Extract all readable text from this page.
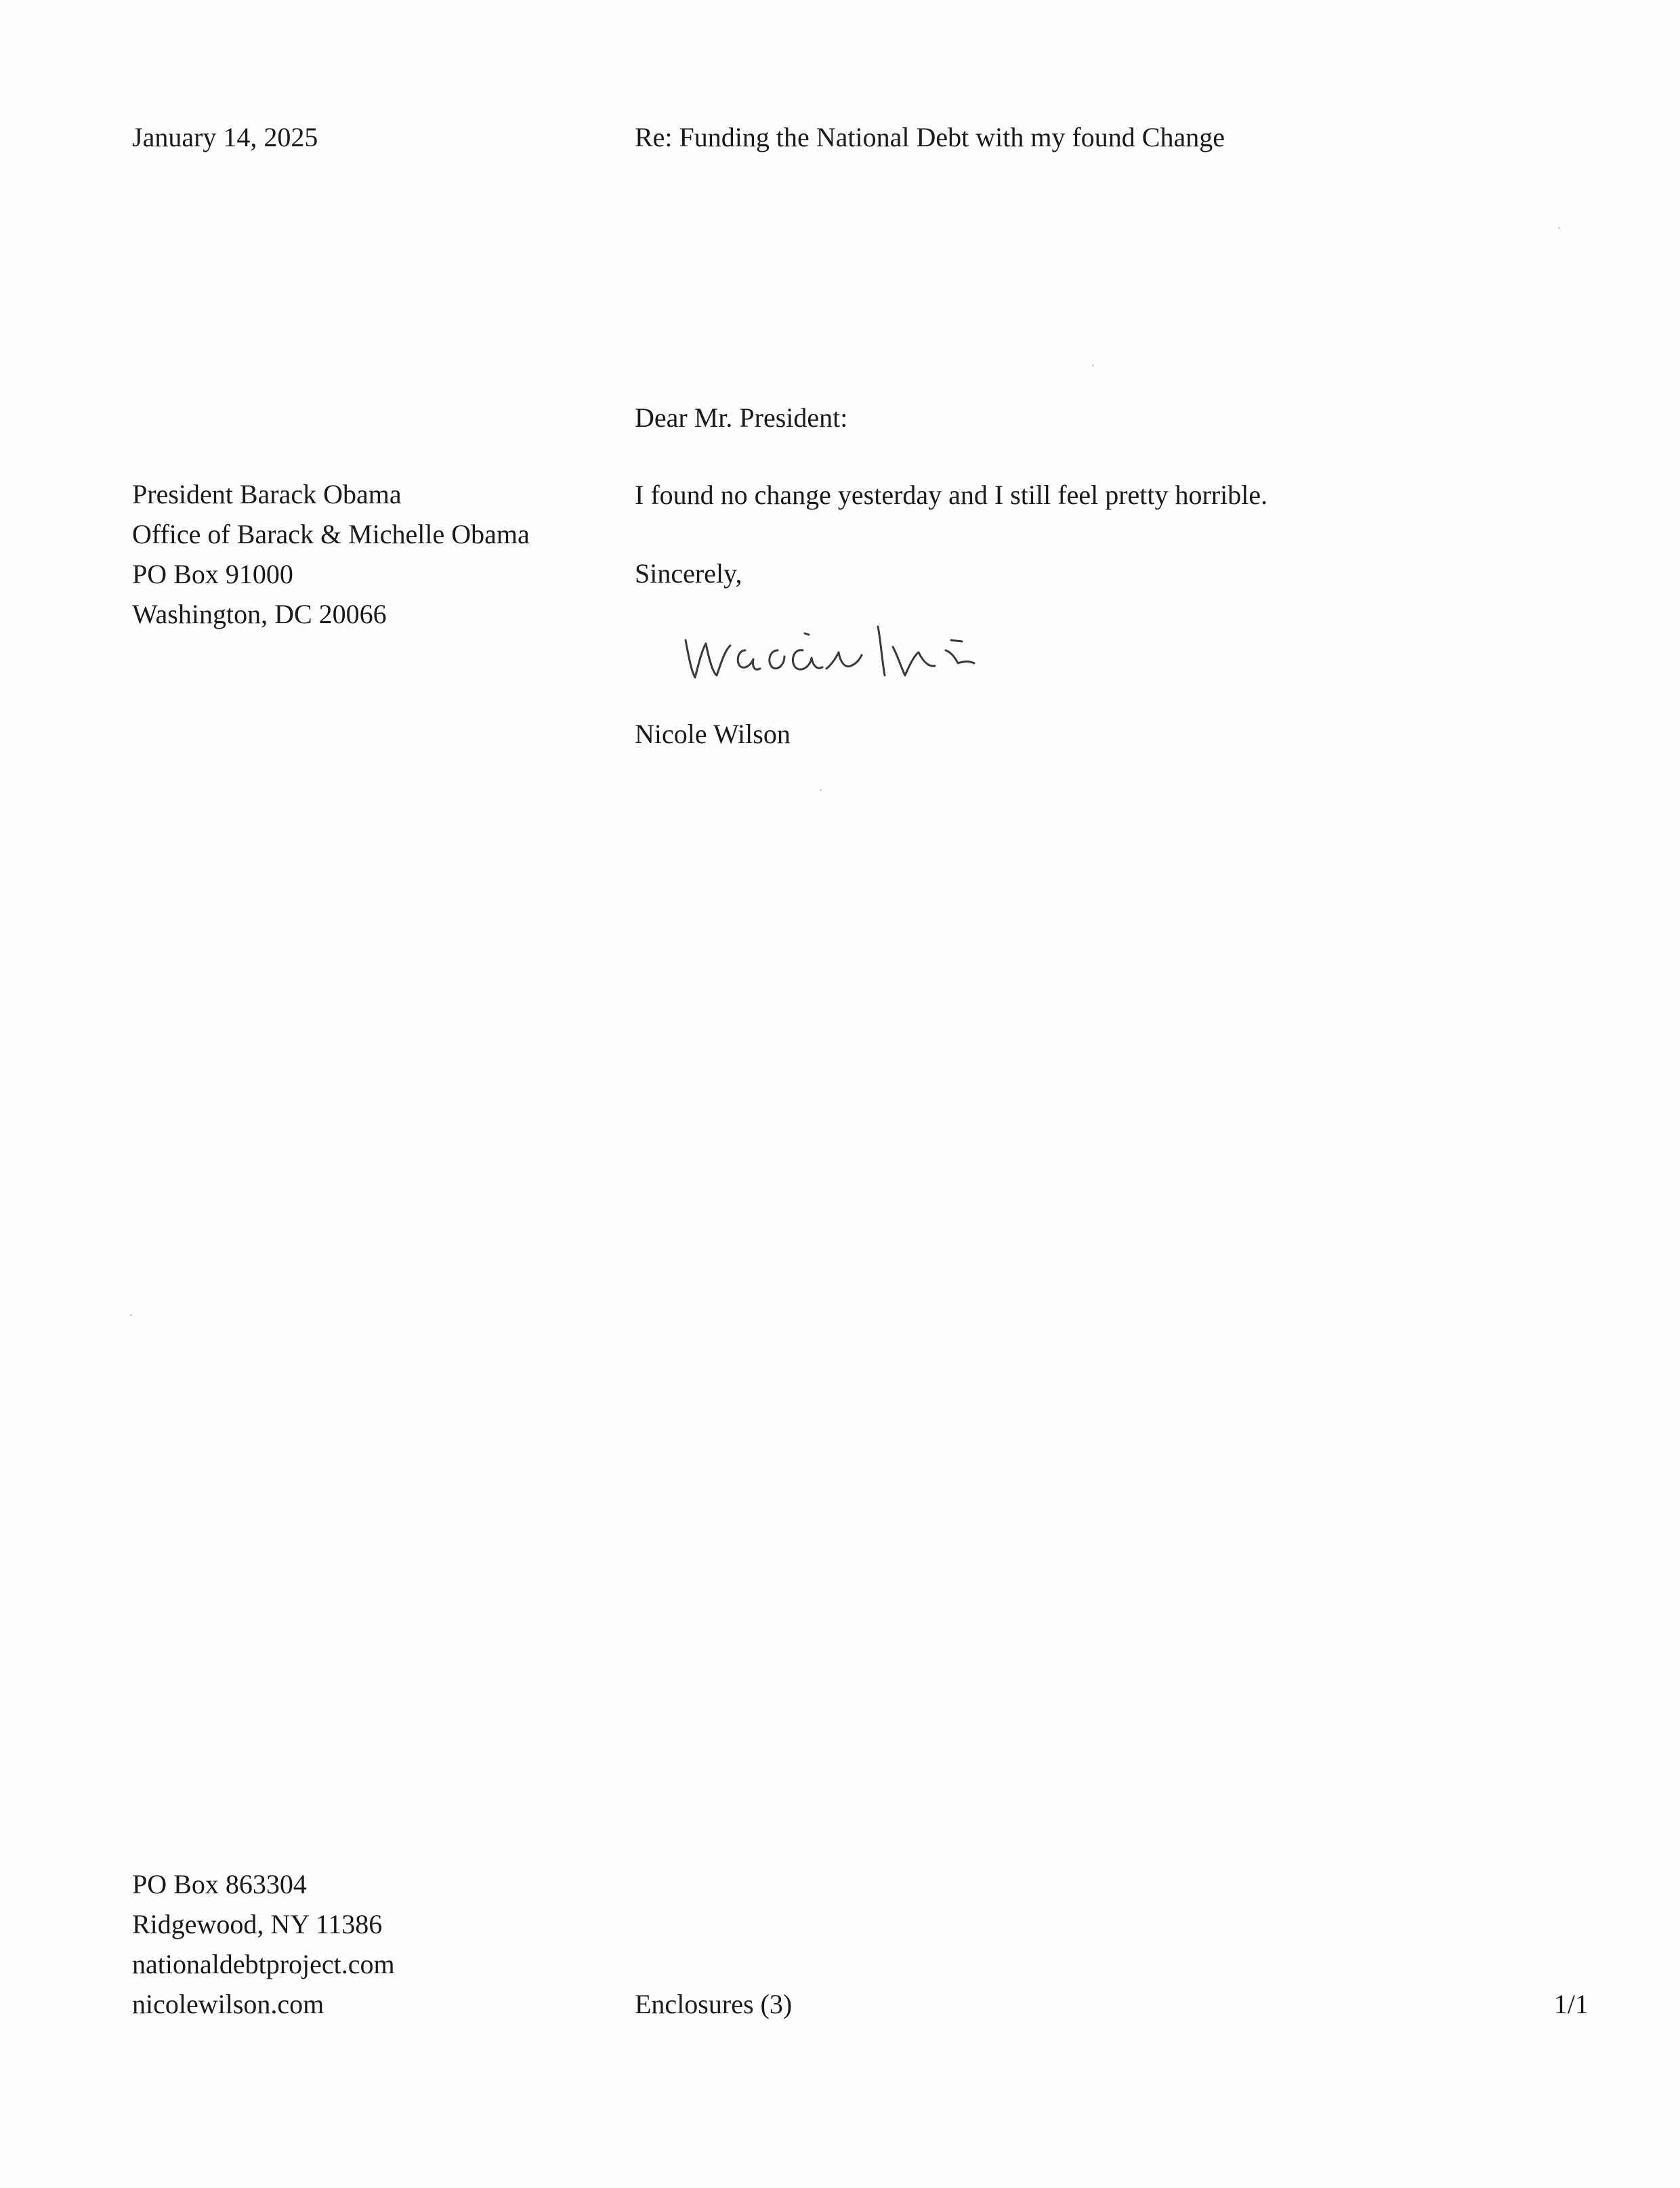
January 14, 2025	Re: Funding the National Debt with my found Change

Dear Mr. President:

President Barack Obama
Office of Barack & Michelle Obama
PO Box 91000
Washington, DC 20066

I found no change yesterday and I still feel pretty horrible.

Sincerely,

Nicole Wilson

PO Box 863304
Ridgewood, NY 11386
nationaldebtproject.com
nicolewilson.com	Enclosures (3)	1/1
